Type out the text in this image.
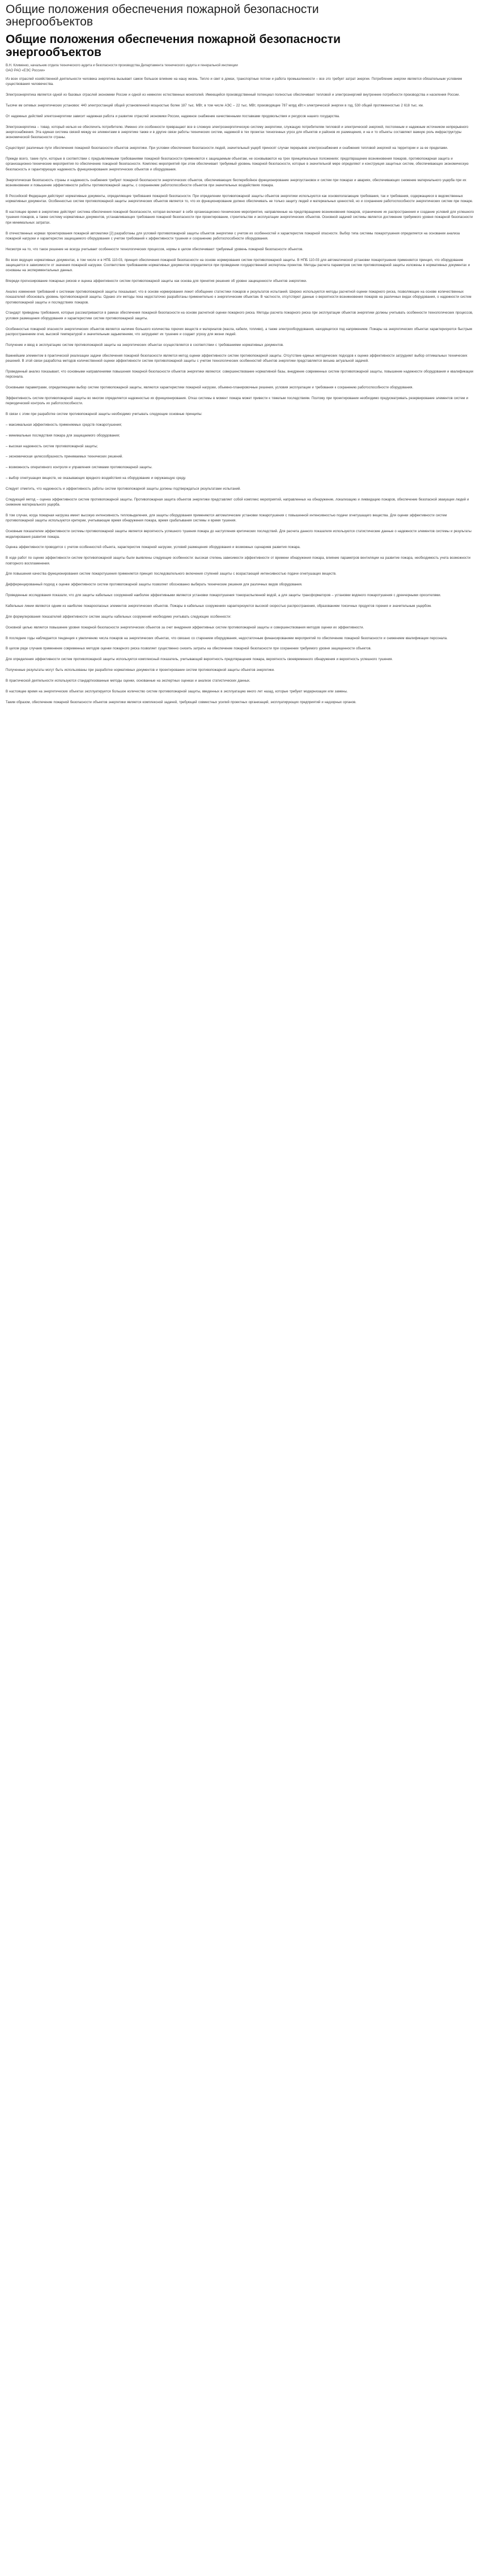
Общие положения обеспечения пожарной безопасности энергообъектов
Общие положения обеспечения пожарной безопасности энергообъектов

В.Н. Клименко, начальник отдела технического аудита и безопасности производства Департамента технического аудита и генеральной инспекции

ОАО РАО «ЕЭС России»

Из всех отраслей хозяйственной деятельности человека энергетика вызывает самое большое влияние на нашу жизнь. Тепло и свет в домах, транспортные потоки и работа промышленности – все это требует затрат энергии. Потребление энергии является обязательным условием существования человечества.

Электроэнергетика является одной из базовых отраслей экономики России и одной из немногих естественных монополий. Имеющийся производственный потенциал полностью обеспечивает тепловой и электроэнергией внутренние потребности производства и населения России.

Тысячи км сетевых энергетических установок: 440 электростанций общей установленной мощностью более 187 тыс. МВт, в том числе АЭС – 22 тыс. МВт, производящие 787 млрд кВт.ч электрической энергии в год, 530 общей протяженностью 2 618 тыс. км.

От надежных действий электоэнергетики зависит надежная работа и развитие отраслей экономики России, надежное снабжение качественными поставками продовольствия и ресурсов нашего государства.

Электроэнергетика – товар, который нельзя не обеспечить потребителю. Именно эти особенности превращают все в сложную электроэнергетическую систему энергетики, служащую потребителям тепловой и электрической энергией, постоянным и надежным источником непрерывного энергоснабжения. Эта единая система связей между ее элементами в энергетике также и в другие связи работы технических систем, надежной в тех проектах техногенных угроз для объектов и районов их размещения, и на и то объекты составляют важную роль инфраструктуры экономической безопасности страны.

Существуют различные пути обеспечения пожарной безопасности объектов энергетики. При условии обеспечения безопасности людей, значительный ущерб приносят случаи перерывов электроснабжения и снабжения тепловой энергией на территории и за ее пределами.

Прежде всего, такие пути, которые в соответствии с предъявляемыми требованиями пожарной безопасности применяются к защищаемым объектам, не основываются на трех принципиальных положениях: предотвращение возникновения пожаров, противопожарная защита и организационно-технические мероприятия по обеспечению пожарной безопасности. Комплекс мероприятий при этом обеспечивает требуемый уровень пожарной безопасности, которые в значительной мере определяют и конструкция защитных систем, обеспечивающих экономическую безопасность и гарантирующих надежность функционирования энергетических объектов и оборудования.

Энергетическая безопасность страны и надежность снабжения требуют пожарной безопасности энергетических объектов, обеспечивающих бесперебойное функционирование энергоустановок и систем при пожарах и авариях, обеспечивающих снижение материального ущерба при их возникновении и повышение эффективности работы противопожарной защиты, с сохранением работоспособности объектов при значительных воздействиях пожара.

В Российской Федерации действуют нормативные документы, определяющие требования пожарной безопасности. При определении противопожарной защиты объектов энергетики используются как основополагающие требования, так и требования, содержащиеся в ведомственных нормативных документах. Особенностью систем противопожарной защиты энергетических объектов является то, что их функционирование должно обеспечивать не только защиту людей и материальных ценностей, но и сохранение работоспособности энергетических систем при пожаре.

В настоящее время в энергетике действует система обеспечения пожарной безопасности, которая включает в себя организационно-технические мероприятия, направленные на предотвращение возникновения пожаров, ограничение их распространения и создание условий для успешного тушения пожаров, а также систему нормативных документов, устанавливающих требования пожарной безопасности при проектировании, строительстве и эксплуатации энергетических объектов. Основной задачей системы является достижение требуемого уровня пожарной безопасности при минимальных затратах.

В отечественных нормах проектирования пожарной автоматики [2] разработаны для условий противопожарной защиты объектов энергетики с учетом их особенностей и характеристик пожарной опасности. Выбор типа системы пожаротушения определяется на основании анализа пожарной нагрузки и характеристик защищаемого оборудования с учетом требований к эффективности тушения и сохранению работоспособности оборудования.

Несмотря на то, что такое решение не всегда учитывает особенности технологических процессов, нормы в целом обеспечивают требуемый уровень пожарной безопасности объектов.

Во всех ведущих нормативных документах, в том числе и в НПБ 110-03, принцип обеспечения пожарной безопасности на основе нормирования систем противопожарной защиты. В НПБ 110-03 для автоматической установки пожаротушения применяется принцип, что оборудование защищается в зависимости от значения пожарной нагрузки. Соответствие требованиям нормативных документов определяется при проведении государственной экспертизы проектов. Методы расчета параметров систем противопожарной защиты изложены в нормативных документах и основаны на экспериментальных данных.

Впереди прогнозирование пожарных рисков и оценка эффективности систем противопожарной защиты как основа для принятия решения об уровне защищенности объектов энергетики.

Анализ изменения требований к системам противопожарной защиты показывает, что в основе нормирования лежит обобщение статистики пожаров и результатов испытаний. Широко используются методы расчетной оценки пожарного риска, позволяющие на основе количественных показателей обосновать уровень противопожарной защиты. Однако эти методы пока недостаточно разработаны применительно к энергетическим объектам. В частности, отсутствуют данные о вероятности возникновения пожаров на различных видах оборудования, о надежности систем противопожарной защиты и последствиях пожаров.

Стандарт приведены требования, которые рассматриваются в рамках обеспечения пожарной безопасности на основе расчетной оценки пожарного риска. Методы расчета пожарного риска при эксплуатации объектов энергетики должны учитывать особенности технологических процессов, условия размещения оборудования и характеристики систем противопожарной защиты.

Особенностью пожарной опасности энергетических объектов является наличие большого количества горючих веществ и материалов (масла, кабели, топливо), а также электрооборудования, находящегося под напряжением. Пожары на энергетических объектах характеризуются быстрым распространением огня, высокой температурой и значительным задымлением, что затрудняет их тушение и создает угрозу для жизни людей.

Получение и ввод в эксплуатацию систем противопожарной защиты на энергетических объектах осуществляется в соответствии с требованиями нормативных документов.

Важнейшим элементом в практической реализации задачи обеспечения пожарной безопасности является метод оценки эффективности систем противопожарной защиты. Отсутствие единых методических подходов к оценке эффективности затрудняет выбор оптимальных технических решений. В этой связи разработка методов количественной оценки эффективности систем противопожарной защиты с учетом технологических особенностей объектов энергетики представляется весьма актуальной задачей.

Проведенный анализ показывает, что основными направлениями повышения пожарной безопасности объектов энергетики являются: совершенствование нормативной базы, внедрение современных систем противопожарной защиты, повышение надежности оборудования и квалификации персонала.

Основными параметрами, определяющими выбор систем противопожарной защиты, являются характеристики пожарной нагрузки, объемно-планировочные решения, условия эксплуатации и требования к сохранению работоспособности оборудования.

Эффективность систем противопожарной защиты во многом определяется надежностью их функционирования. Отказ системы в момент пожара может привести к тяжелым последствиям. Поэтому при проектировании необходимо предусматривать резервирование элементов систем и периодический контроль их работоспособности.

В связи с этим при разработке систем противопожарной защиты необходимо учитывать следующие основные принципы:

– максимальная эффективность применяемых средств пожаротушения;

– минимальные последствия пожара для защищаемого оборудования;

– высокая надежность систем противопожарной защиты;

– экономическая целесообразность принимаемых технических решений.

– возможность оперативного контроля и управления системами противопожарной защиты.

– выбор огнетушащих веществ, не оказывающих вредного воздействия на оборудование и окружающую среду.

Следует отметить, что надежность и эффективность работы систем противопожарной защиты должны подтверждаться результатами испытаний.

Следующий метод – оценка эффективности систем противопожарной защиты. Противопожарная защита объектов энергетики представляет собой комплекс мероприятий, направленных на обнаружение, локализацию и ликвидацию пожаров, обеспечение безопасной эвакуации людей и снижение материального ущерба.

В том случае, когда пожарная нагрузка имеет высокую интенсивность тепловыделения, для защиты оборудования применяются автоматические установки пожаротушения с повышенной интенсивностью подачи огнетушащего вещества. Для оценки эффективности систем противопожарной защиты используются критерии, учитывающие время обнаружения пожара, время срабатывания системы и время тушения.

Основным показателем эффективности системы противопожарной защиты является вероятность успешного тушения пожара до наступления критических последствий. Для расчета данного показателя используются статистические данные о надежности элементов системы и результаты моделирования развития пожара.

Оценка эффективности проводится с учетом особенностей объекта, характеристик пожарной нагрузки, условий размещения оборудования и возможных сценариев развития пожара.

В ходе работ по оценке эффективности систем противопожарной защиты были выявлены следующие особенности: высокая степень зависимости эффективности от времени обнаружения пожара, влияние параметров вентиляции на развитие пожара, необходимость учета возможности повторного воспламенения.

Для повышения качества функционирования систем пожаротушения применяется принцип последовательного включения ступеней защиты с возрастающей интенсивностью подачи огнетушащих веществ.

Дифференцированный подход к оценке эффективности систем противопожарной защиты позволяет обоснованно выбирать технические решения для различных видов оборудования.

Проведенные исследования показали, что для защиты кабельных сооружений наиболее эффективными являются установки пожаротушения тонкораспыленной водой, а для защиты трансформаторов – установки водяного пожаротушения с дренчерными оросителями.

Кабельные линии являются одним из наиболее пожароопасных элементов энергетических объектов. Пожары в кабельных сооружениях характеризуются высокой скоростью распространения, образованием токсичных продуктов горения и значительным ущербом.

Для формулирования показателей эффективности систем защиты кабельных сооружений необходимо учитывать следующие особенности:

Основной целью является повышение уровня пожарной безопасности энергетических объектов за счет внедрения эффективных систем противопожарной защиты и совершенствования методов оценки их эффективности.

В последние годы наблюдается тенденция к увеличению числа пожаров на энергетических объектах, что связано со старением оборудования, недостаточным финансированием мероприятий по обеспечению пожарной безопасности и снижением квалификации персонала.

В целом ряде случаев применение современных методов оценки пожарного риска позволяет существенно снизить затраты на обеспечение пожарной безопасности при сохранении требуемого уровня защищенности объектов.

Для определения эффективности систем противопожарной защиты используется комплексный показатель, учитывающий вероятность предотвращения пожара, вероятность своевременного обнаружения и вероятность успешного тушения.

Полученные результаты могут быть использованы при разработке нормативных документов и проектировании систем противопожарной защиты объектов энергетики.

В практической деятельности используются стандартизованные методы оценки, основанные на экспертных оценках и анализе статистических данных.

В настоящее время на энергетических объектах эксплуатируется большое количество систем противопожарной защиты, введенных в эксплуатацию много лет назад, которые требуют модернизации или замены.

Таким образом, обеспечение пожарной безопасности объектов энергетики является комплексной задачей, требующей совместных усилий проектных организаций, эксплуатирующих предприятий и надзорных органов.
